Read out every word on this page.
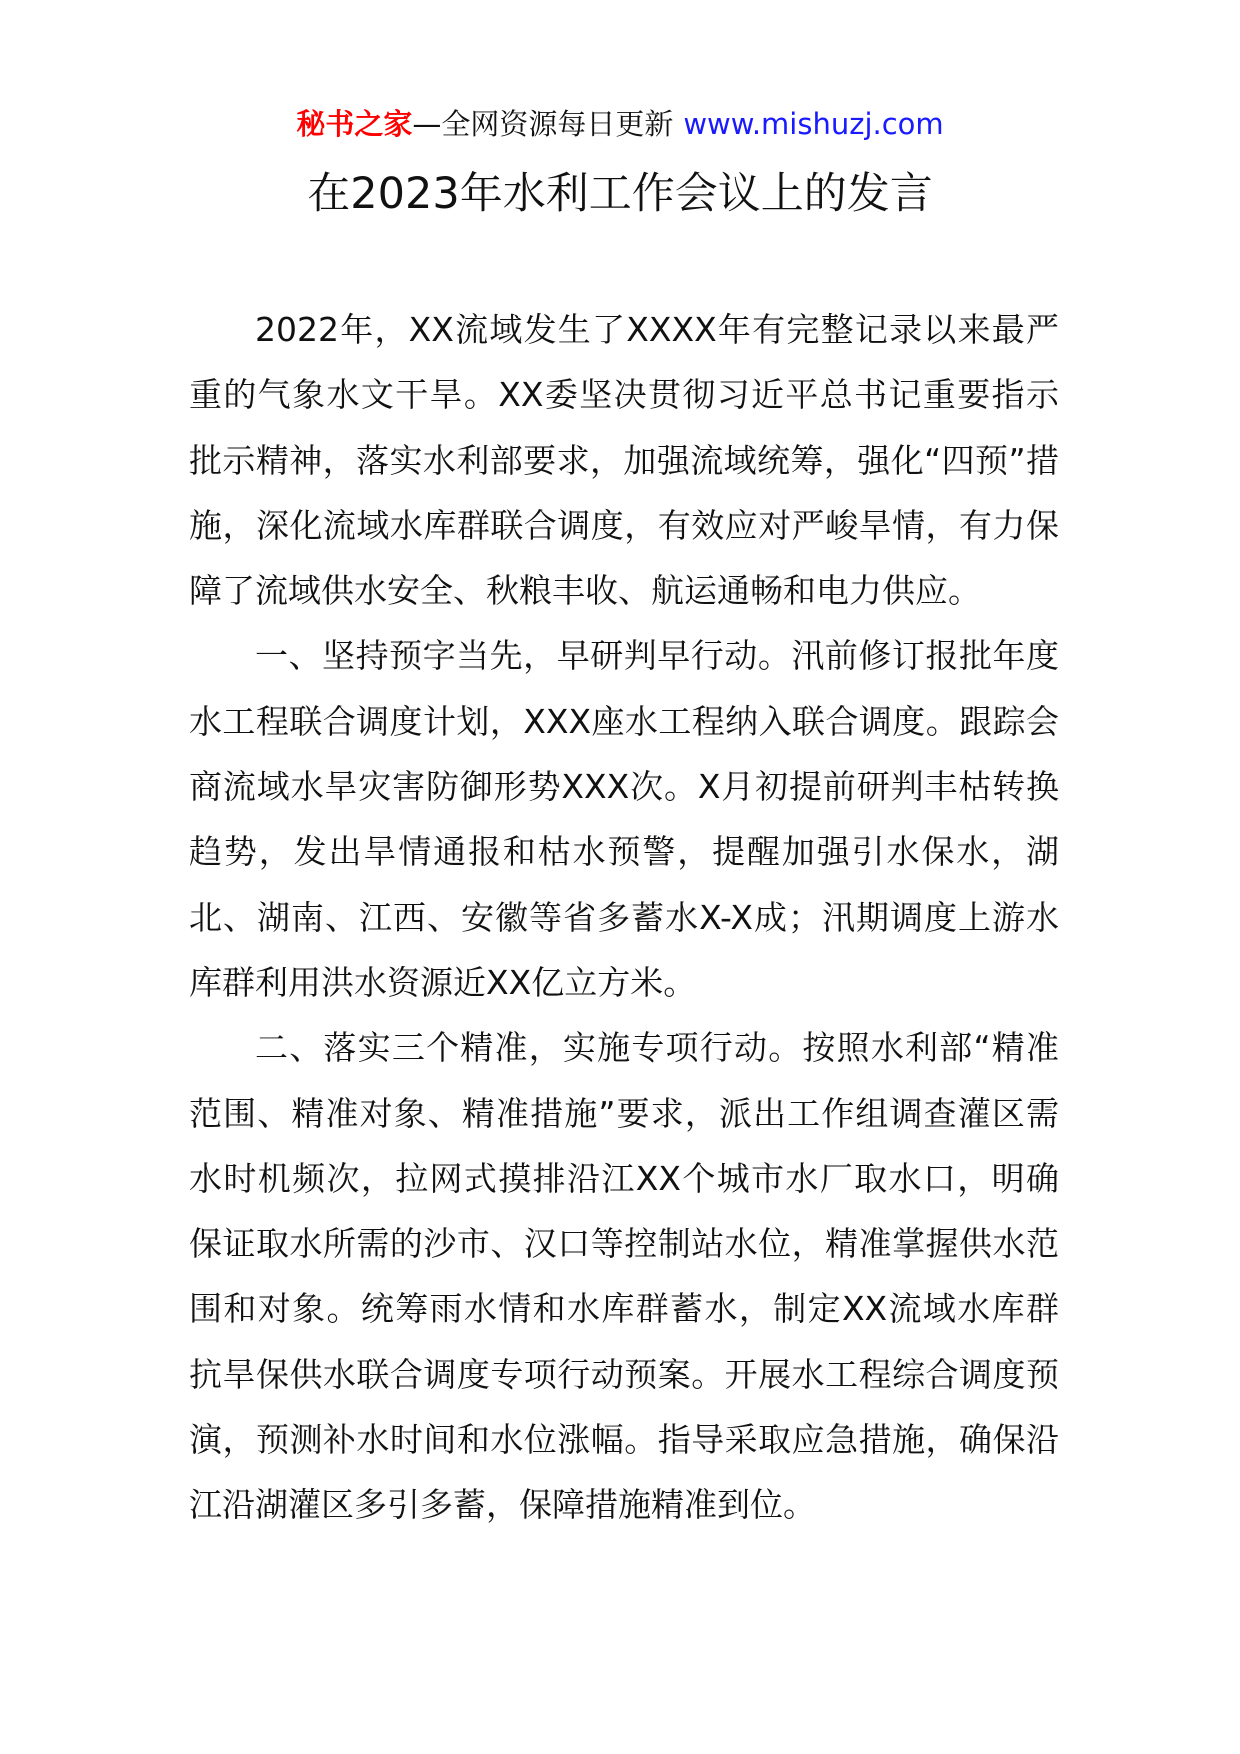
秘书之家—全网资源每日更新 www.mishuzj.com
在2023年水利工作会议上的发言

2022年，XX流域发生了XXXX年有完整记录以来最严重的气象水文干旱。XX委坚决贯彻习近平总书记重要指示批示精神，落实水利部要求，加强流域统筹，强化“四预”措施，深化流域水库群联合调度，有效应对严峻旱情，有力保障了流域供水安全、秋粮丰收、航运通畅和电力供应。

一、坚持预字当先，早研判早行动。汛前修订报批年度水工程联合调度计划，XXX座水工程纳入联合调度。跟踪会商流域水旱灾害防御形势XXX次。X月初提前研判丰枯转换趋势，发出旱情通报和枯水预警，提醒加强引水保水，湖北、湖南、江西、安徽等省多蓄水X-X成；汛期调度上游水库群利用洪水资源近XX亿立方米。

二、落实三个精准，实施专项行动。按照水利部“精准范围、精准对象、精准措施”要求，派出工作组调查灌区需水时机频次，拉网式摸排沿江XX个城市水厂取水口，明确保证取水所需的沙市、汉口等控制站水位，精准掌握供水范围和对象。统筹雨水情和水库群蓄水，制定XX流域水库群抗旱保供水联合调度专项行动预案。开展水工程综合调度预演，预测补水时间和水位涨幅。指导采取应急措施，确保沿江沿湖灌区多引多蓄，保障措施精准到位。
